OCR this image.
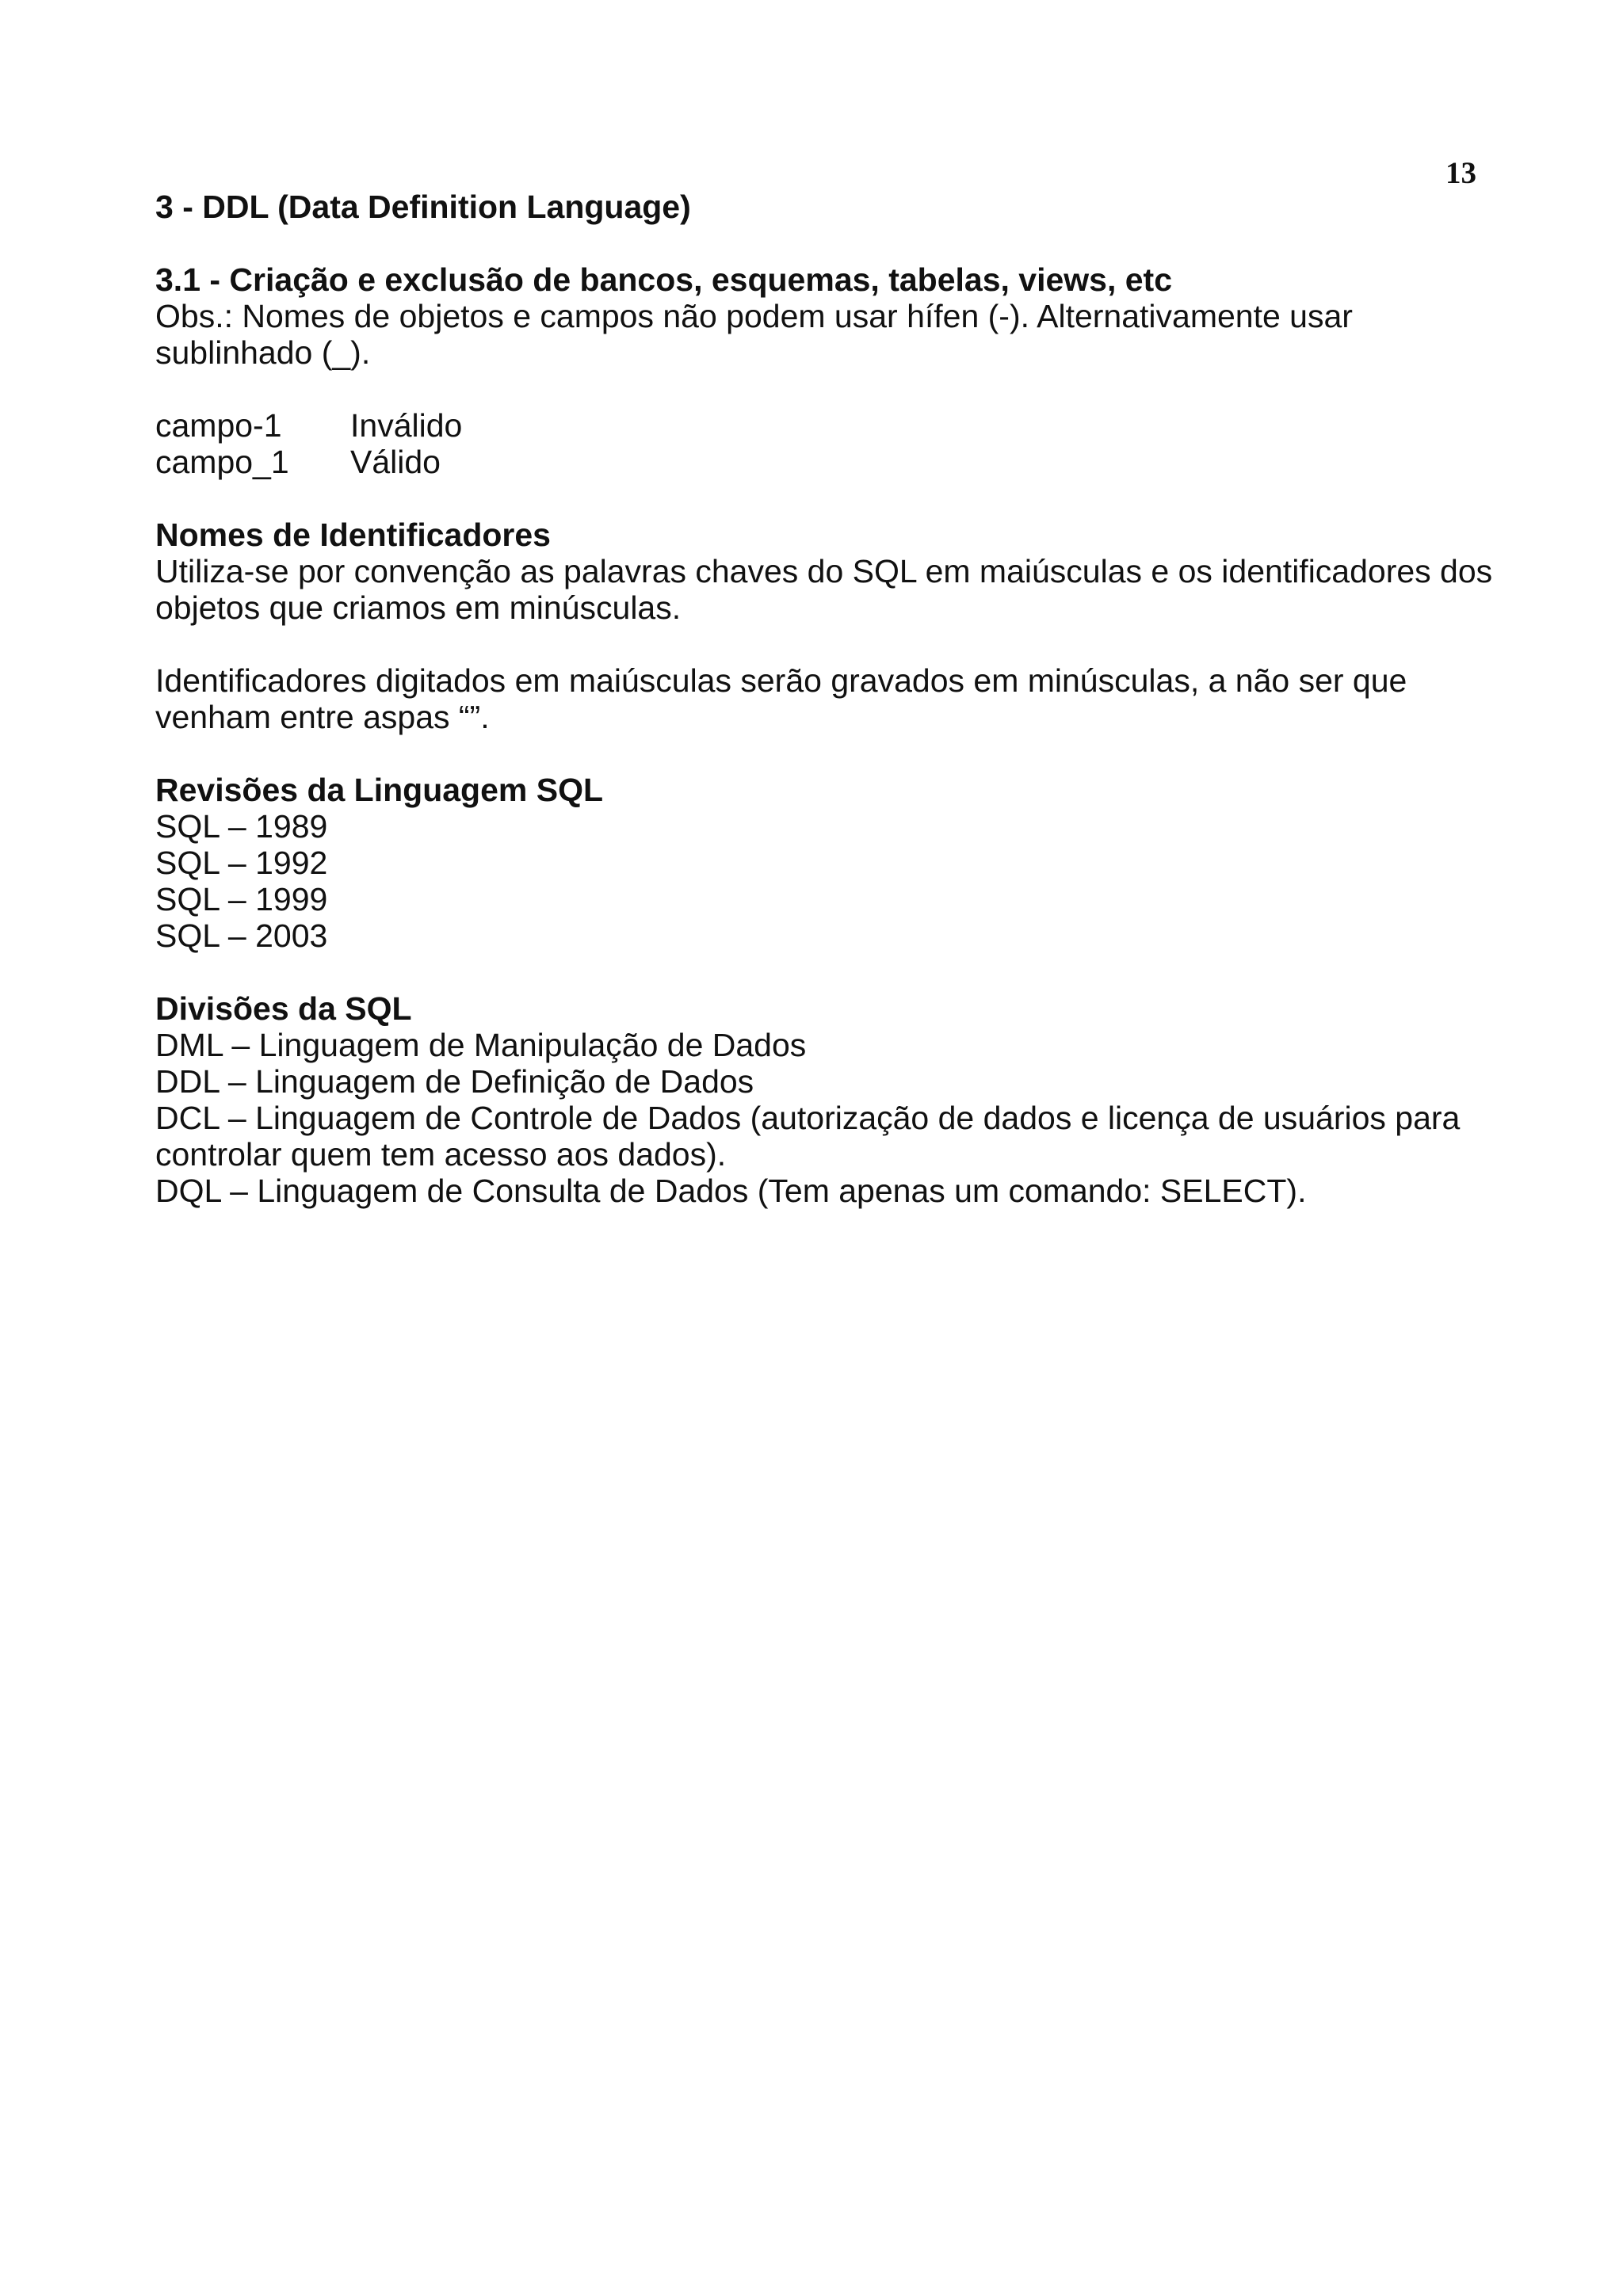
13
3 - DDL (Data Definition Language)
3.1 - Criação e exclusão de bancos, esquemas, tabelas, views, etc
Obs.: Nomes de objetos e campos não podem usar hífen (-). Alternativamente usar
sublinhado (_).
campo-1	Inválido
campo_1	Válido
Nomes de Identificadores
Utiliza-se por convenção as palavras chaves do SQL em maiúsculas e os identificadores dos
objetos que criamos em minúsculas.
Identificadores digitados em maiúsculas serão gravados em minúsculas, a não ser que
venham entre aspas “”.
Revisões da Linguagem SQL
SQL – 1989
SQL – 1992
SQL – 1999
SQL – 2003
Divisões da SQL
DML – Linguagem de Manipulação de Dados
DDL – Linguagem de Definição de Dados
DCL – Linguagem de Controle de Dados (autorização de dados e licença de usuários para
controlar quem tem acesso aos dados).
DQL – Linguagem de Consulta de Dados (Tem apenas um comando: SELECT).
